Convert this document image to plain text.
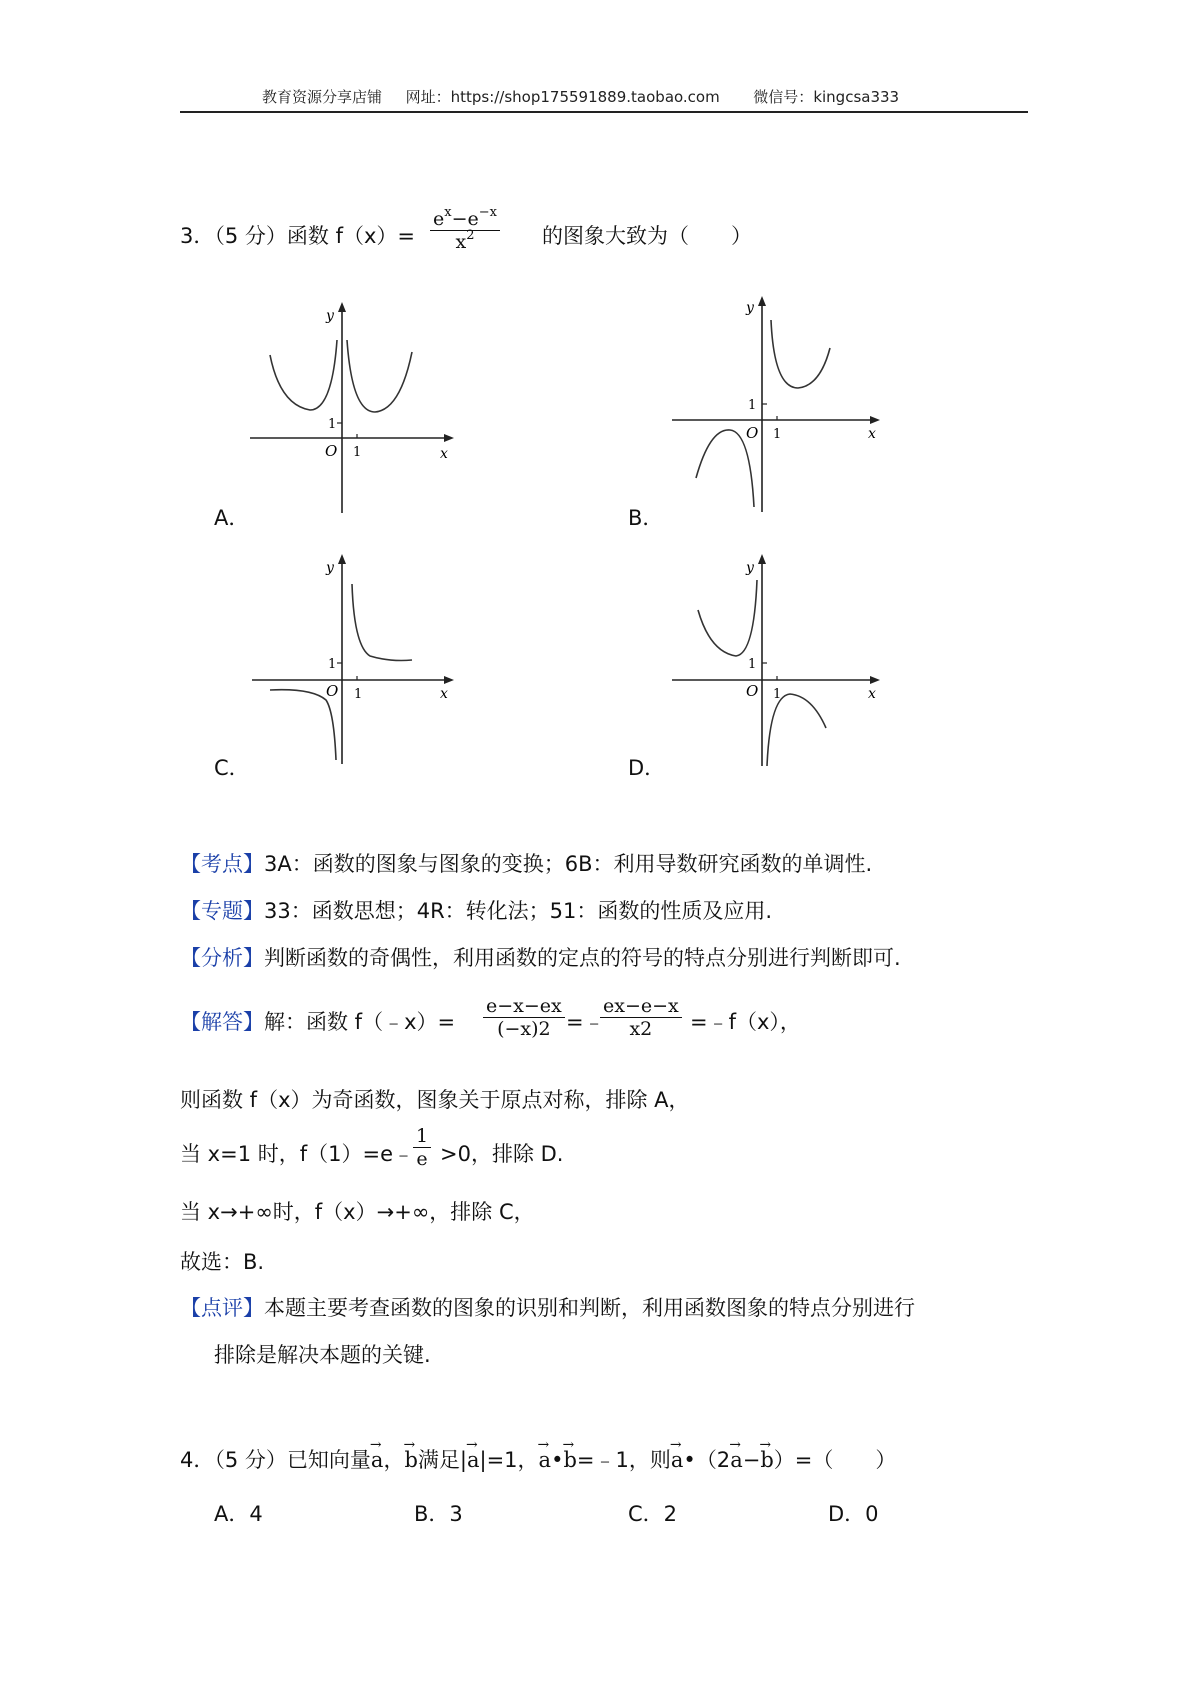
教育资源分享店铺 网址：https://shop175591889.taobao.com 微信号：kingcsa333
3．（5 分）函数 f（x）=
$e^x-e^{-x}$
$x^2$	的图象大致为（　　）
y
x
O
1
1
A．
y
x
O
1
1
B．
y
x
O
1
1
C．
y
x
O
1
1
D．
【考点】3A：函数的图象与图象的变换；6B：利用导数研究函数的单调性.
【专题】33：函数思想；4R：转化法；51：函数的性质及应用.
【分析】判断函数的奇偶性，利用函数的定点的符号的特点分别进行判断即可.
【解答】解：函数 f（﹣x）=
e−x−ex
(−x)2 =﹣
ex−e−x
x2 =﹣f（x），
则函数 f（x）为奇函数，图象关于原点对称，排除 A，
当 x=1 时，f（1）=e﹣
1
e >0，排除 D.
当 x→+∞时，f（x）→+∞，排除 C，
故选：B.
【点评】本题主要考查函数的图象的识别和判断，利用函数图象的特点分别进行
排除是解决本题的关键.
4．（5 分）已知向量→ a，→ b满足|→ a|=1，→ a•→ b=﹣1，则→ a•（2→ a−→ b）=（　　）
A．4	B．3	C．2	D．0
